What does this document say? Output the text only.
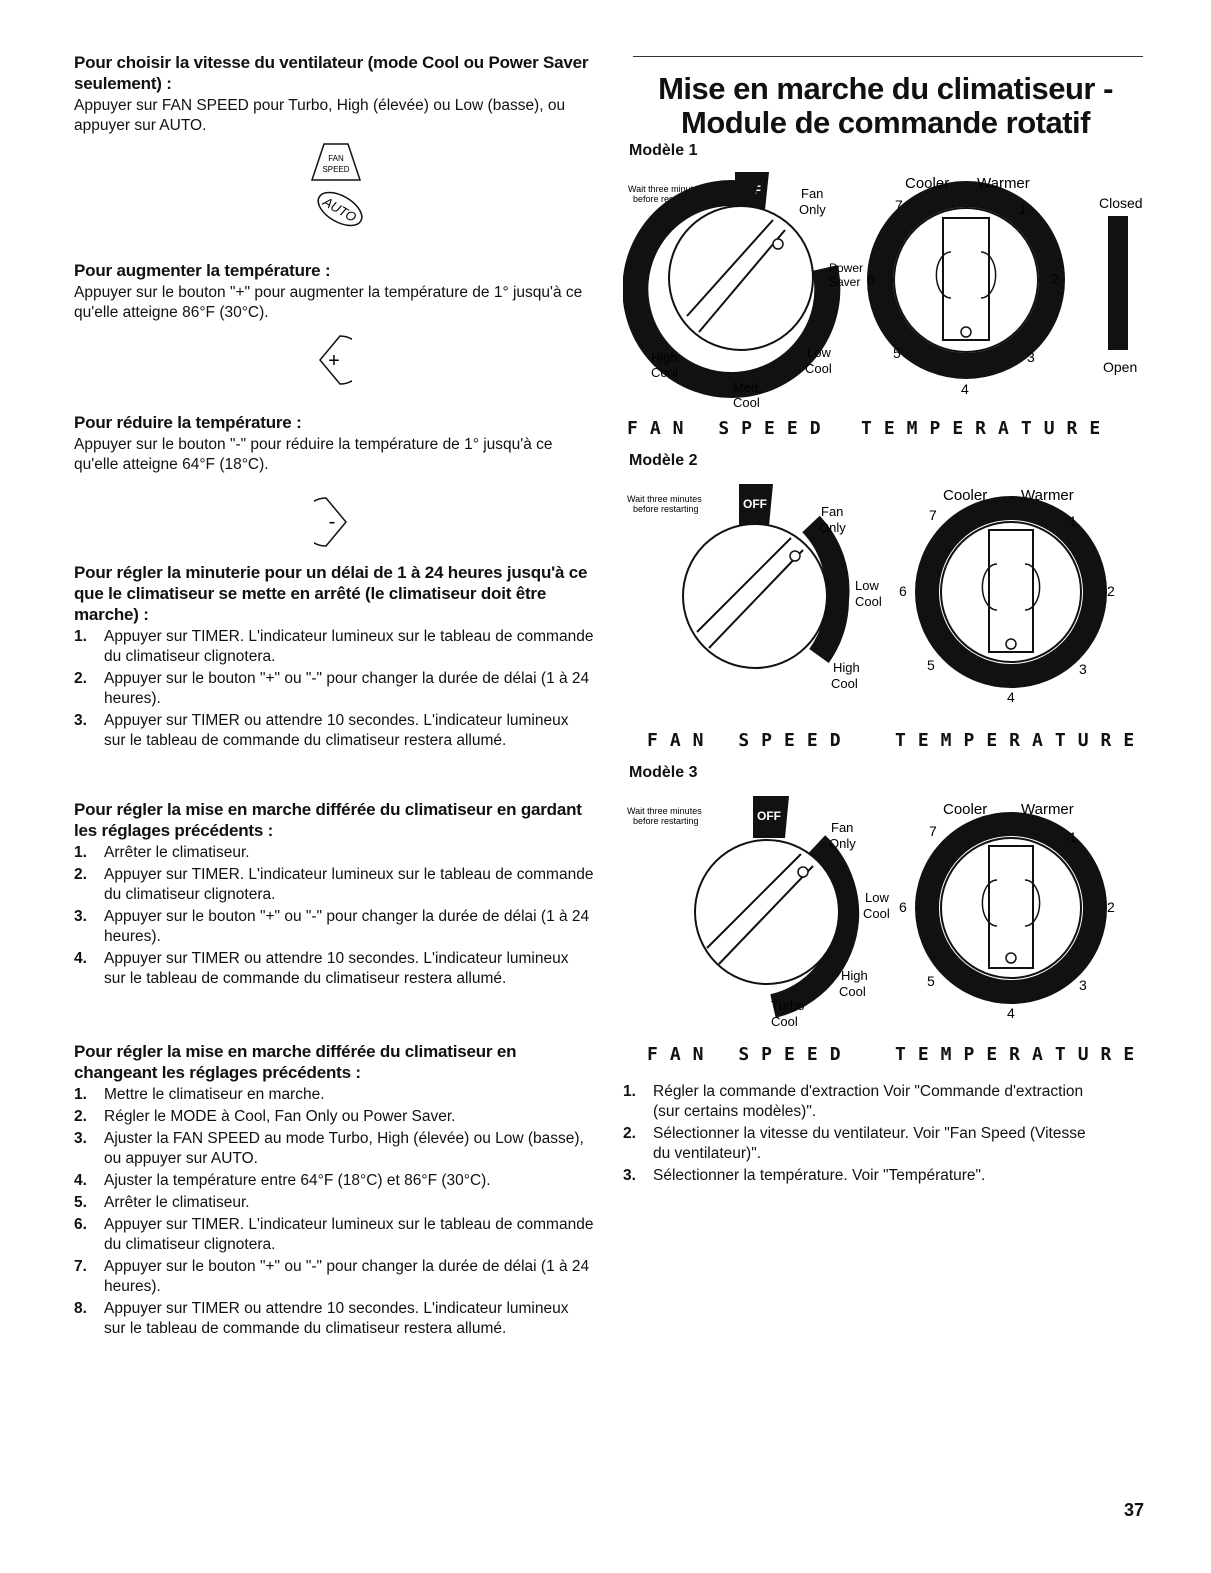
Pour choisir la vitesse du ventilateur (mode Cool ou Power Saver seulement) :

Appuyer sur FAN SPEED pour Turbo, High (élevée) ou Low (basse), ou appuyer sur AUTO.

FAN
SPEED
AUTO

Pour augmenter la température :

Appuyer sur le bouton "+" pour augmenter la température de 1° jusqu'à ce qu'elle atteigne 86°F (30°C).

+

Pour réduire la température :

Appuyer sur le bouton "-" pour réduire la température de 1° jusqu'à ce qu'elle atteigne 64°F (18°C).

-

Pour régler la minuterie pour un délai de 1 à 24 heures jusqu'à ce que le climatiseur se mette en arrêté (le climatiseur doit être marche) :

1. Appuyer sur TIMER. L'indicateur lumineux sur le tableau de commande du climatiseur clignotera.
2. Appuyer sur le bouton "+" ou "-" pour changer la durée de délai (1 à 24 heures).
3. Appuyer sur TIMER ou attendre 10 secondes. L'indicateur lumineux sur le tableau de commande du climatiseur restera allumé.

Pour régler la mise en marche différée du climatiseur en gardant les réglages précédents :

1. Arrêter le climatiseur.
2. Appuyer sur TIMER. L'indicateur lumineux sur le tableau de commande du climatiseur clignotera.
3. Appuyer sur le bouton "+" ou "-" pour changer la durée de délai (1 à 24 heures).
4. Appuyer sur TIMER ou attendre 10 secondes. L'indicateur lumineux sur le tableau de commande du climatiseur restera allumé.

Pour régler la mise en marche différée du climatiseur en changeant les réglages précédents :

1. Mettre le climatiseur en marche.
2. Régler le MODE à Cool, Fan Only ou Power Saver.
3. Ajuster la FAN SPEED au mode Turbo, High (élevée) ou Low (basse), ou appuyer sur AUTO.
4. Ajuster la température entre 64°F (18°C) et 86°F (30°C).
5. Arrêter le climatiseur.
6. Appuyer sur TIMER. L'indicateur lumineux sur le tableau de commande du climatiseur clignotera.
7. Appuyer sur le bouton "+" ou "-" pour changer la durée de délai (1 à 24 heures).
8. Appuyer sur TIMER ou attendre 10 secondes. L'indicateur lumineux sur le tableau de commande du climatiseur restera allumé.

Mise en marche du climatiseur -

Module de commande rotatif

Modèle 1
Wait three minutes
before restarting
OFF	Fan
Only
Power
Saver
High
Cool
Low
Cool
Med
Cool
Cooler Warmer
7	1
6	2
5	3
4
Closed
Open
FAN SPEED TEMPERATURE
Modèle 2
Wait three minutes
before restarting	OFF	Fan
Only
Low
Cool
High
Cool
Cooler Warmer
7	1
6	2
5	3
4
FAN SPEED TEMPERATURE
Modèle 3
Wait three minutes
before restarting	OFF
Fan
Only
Low
Cool
High
Cool
Turbo
Cool
Cooler Warmer
7	1
6	2
5	3
4
FAN SPEED TEMPERATURE
1. Régler la commande d'extraction Voir "Commande d'extraction (sur certains modèles)".
2. Sélectionner la vitesse du ventilateur. Voir "Fan Speed (Vitesse du ventilateur)".
3. Sélectionner la température. Voir "Température".
37
